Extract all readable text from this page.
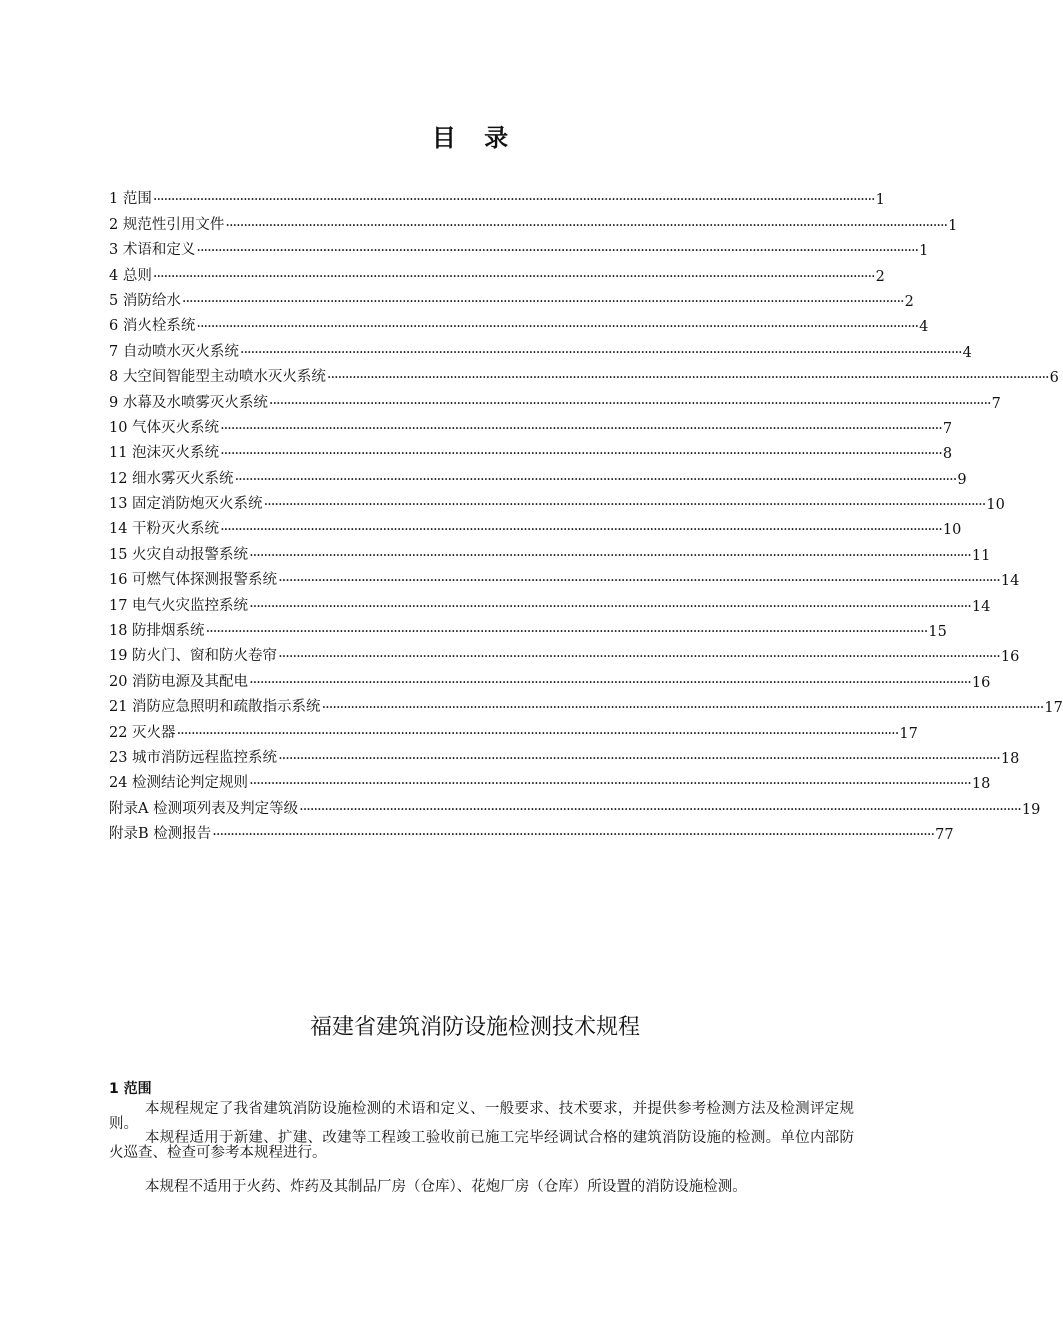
目 录
1 范围 ········································································································································································································ 1
2 规范性引用文件 ········································································································································································································ 1
3 术语和定义 ········································································································································································································ 1
4 总则 ········································································································································································································ 2
5 消防给水 ········································································································································································································ 2
6 消火栓系统 ········································································································································································································ 4
7 自动喷水灭火系统 ········································································································································································································ 4
8 大空间智能型主动喷水灭火系统 ········································································································································································································ 6
9 水幕及水喷雾灭火系统 ········································································································································································································ 7
10 气体灭火系统 ········································································································································································································ 7
11 泡沫灭火系统 ········································································································································································································ 8
12 细水雾灭火系统 ········································································································································································································ 9
13 固定消防炮灭火系统 ········································································································································································································ 10
14 干粉灭火系统 ········································································································································································································ 10
15 火灾自动报警系统 ········································································································································································································ 11
16 可燃气体探测报警系统 ········································································································································································································ 14
17 电气火灾监控系统 ········································································································································································································ 14
18 防排烟系统 ········································································································································································································ 15
19 防火门、窗和防火卷帘 ········································································································································································································ 16
20 消防电源及其配电 ········································································································································································································ 16
21 消防应急照明和疏散指示系统 ········································································································································································································ 17
22 灭火器 ········································································································································································································ 17
23 城市消防远程监控系统 ········································································································································································································ 18
24 检测结论判定规则 ········································································································································································································ 18
附录A 检测项列表及判定等级 ········································································································································································································ 19
附录B 检测报告 ········································································································································································································ 77
福建省建筑消防设施检测技术规程
1 范围

本规程规定了我省建筑消防设施检测的术语和定义、一般要求、技术要求，并提供参考检测方法及检测评定规则。

本规程适用于新建、扩建、改建等工程竣工验收前已施工完毕经调试合格的建筑消防设施的检测。单位内部防火巡查、检查可参考本规程进行。

本规程不适用于火药、炸药及其制品厂房（仓库）、花炮厂房（仓库）所设置的消防设施检测。
